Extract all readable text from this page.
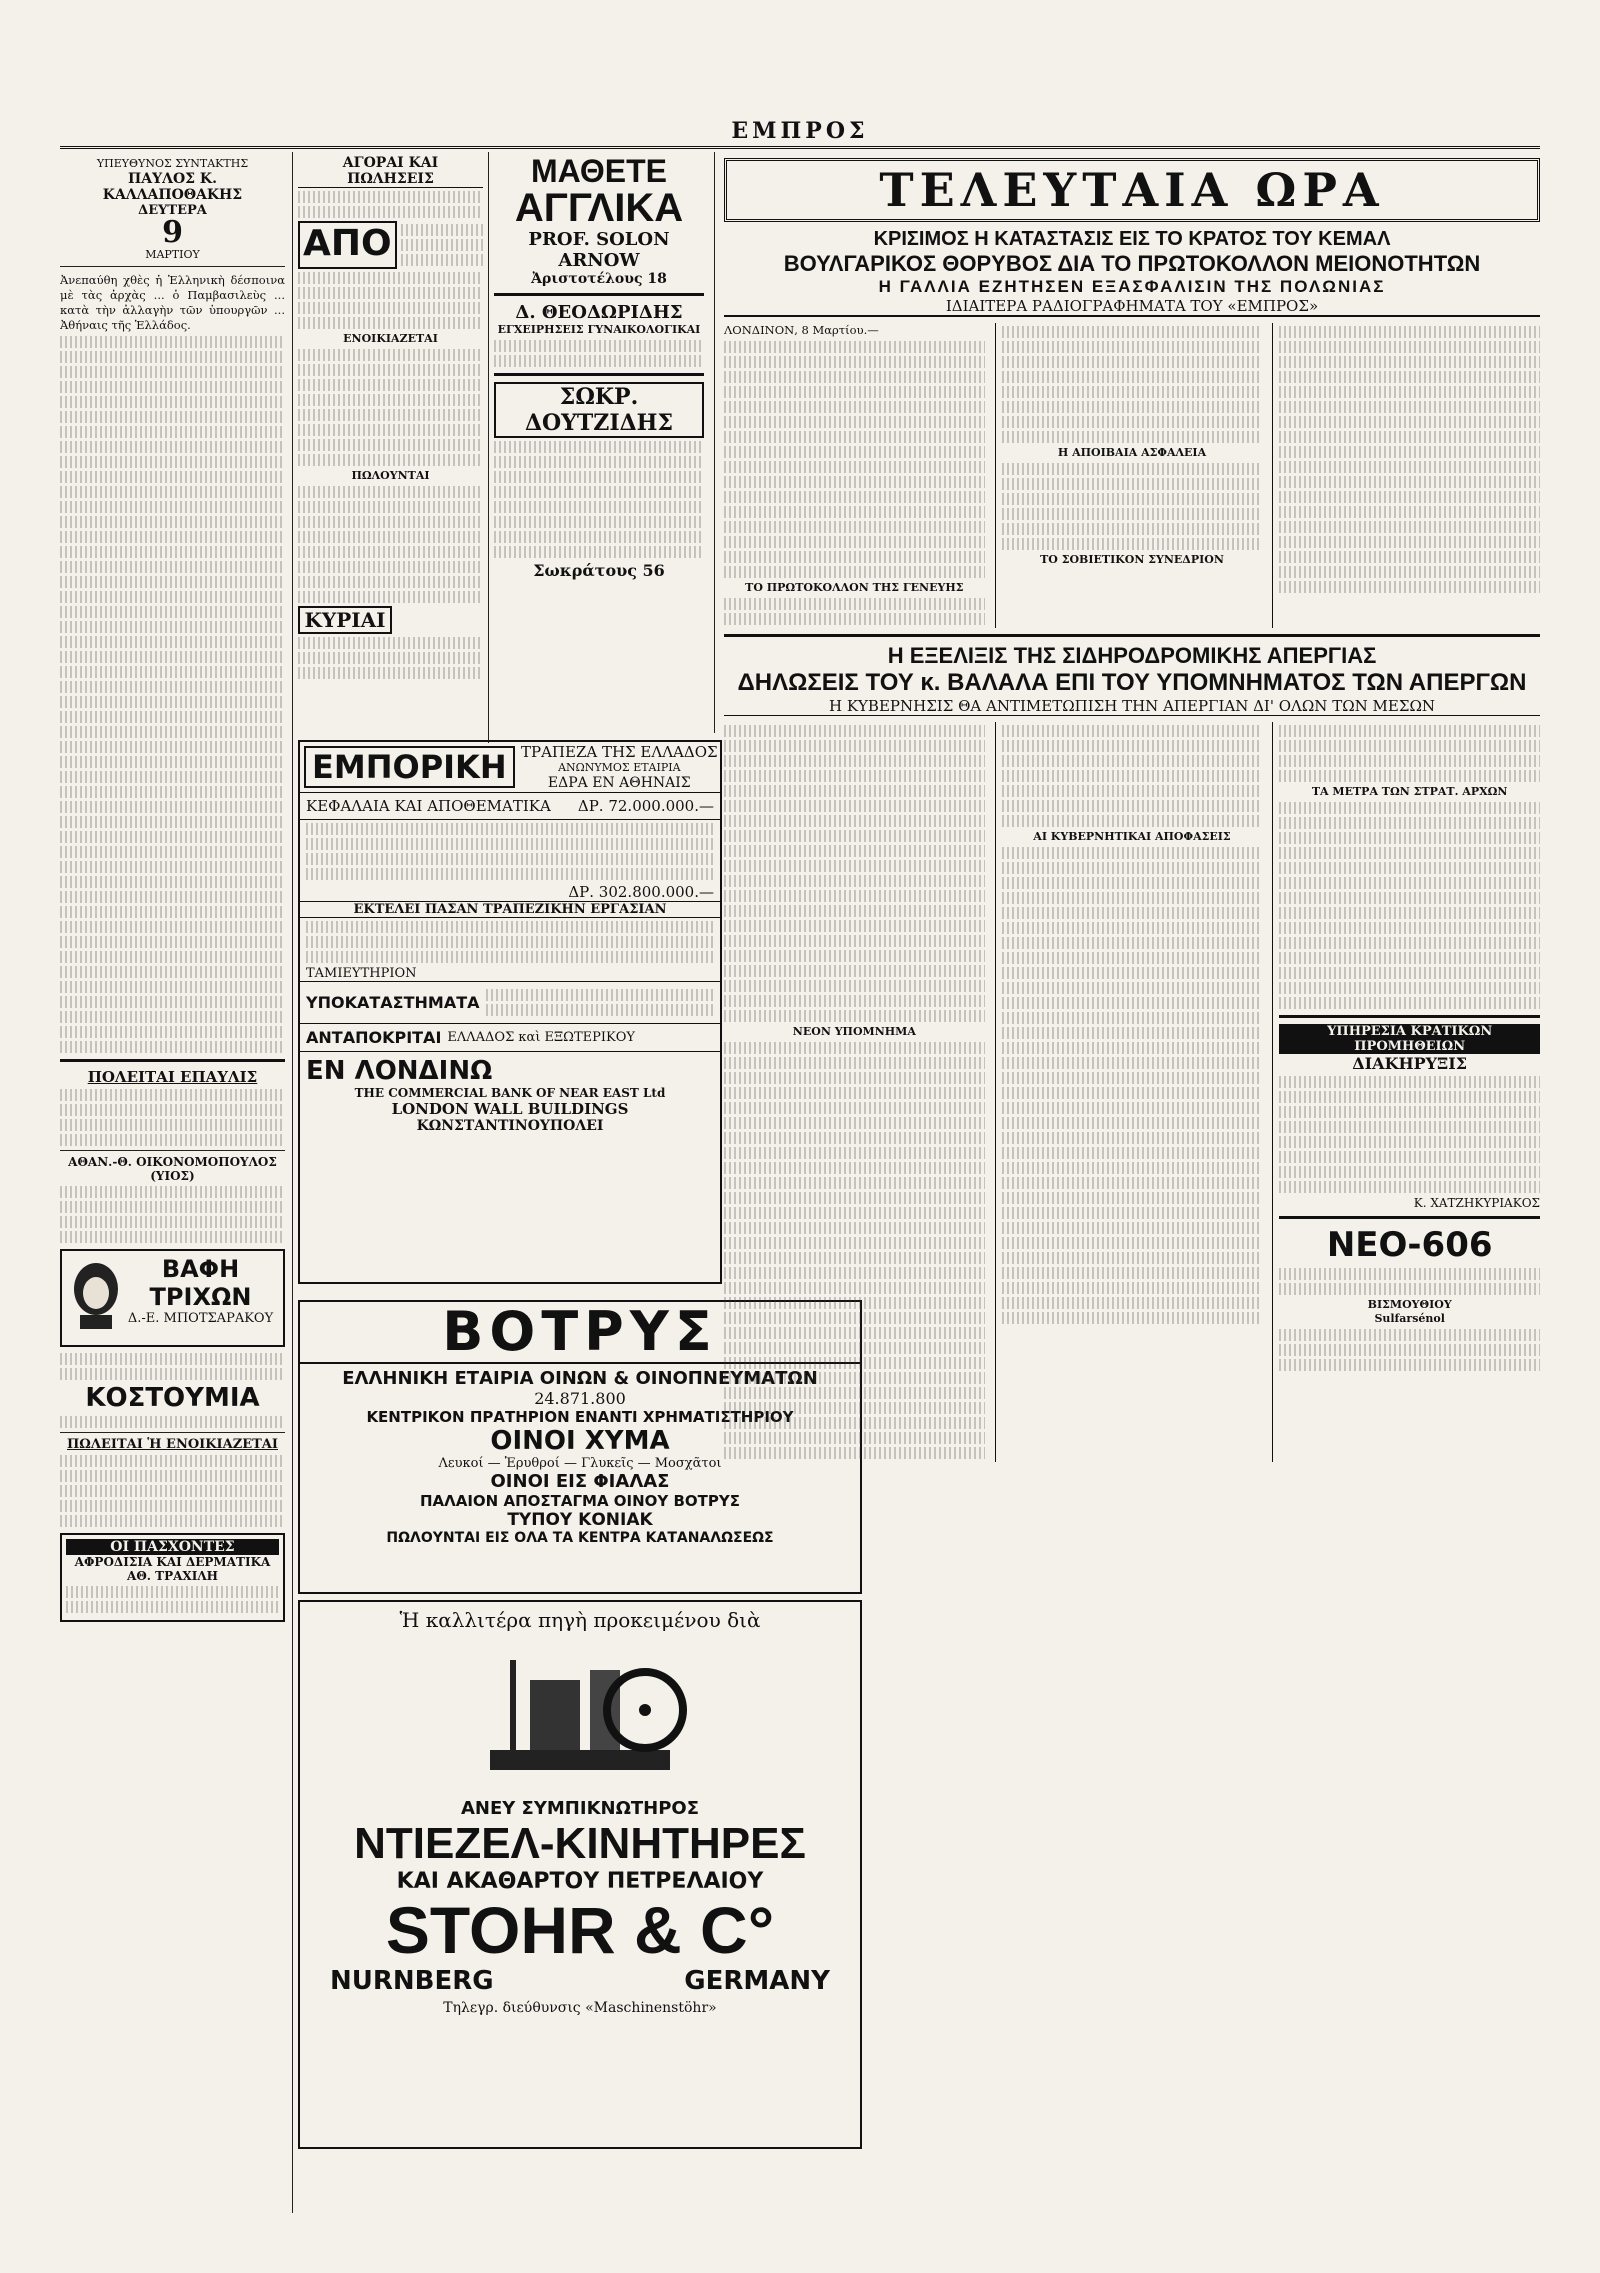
ΕΜΠΡΟΣ
ΥΠΕΥΘΥΝΟΣ ΣΥΝΤΑΚΤΗΣ
ΠΑΥΛΟΣ Κ. ΚΑΛΛΑΠΟΘΑΚΗΣ
ΔΕΥΤΕΡΑ
9
ΜΑΡΤΙΟΥ
Ἀνεπαύθη χθὲς ἡ Ἑλληνικὴ δέσποινα μὲ τὰς ἀρχὰς ... ὁ Παμβασιλεὺς ... κατὰ τὴν ἀλλαγὴν τῶν ὑπουργῶν ... Ἀθήναις τῆς Ἑλλάδος.
ΠΟΛΕΙΤΑΙ ΕΠΑΥΛΙΣ
ΑΘΑΝ.-Θ. ΟΙΚΟΝΟΜΟΠΟΥΛΟΣ (ΥΙΟΣ)
ΒΑΦΗ ΤΡΙΧΩΝ
Δ.-Ε. ΜΠΟΤΣΑΡΑΚΟΥ
ΚΟΣΤΟΥΜΙΑ
ΠΩΛΕΙΤΑΙ Ἡ ΕΝΟΙΚΙΑΖΕΤΑΙ
ΟΙ ΠΑΣΧΟΝΤΕΣ
ΑΦΡΟΔΙΣΙΑ ΚΑΙ ΔΕΡΜΑΤΙΚΑ
ΑΘ. ΤΡΑΧΙΛΗ
ΑΓΟΡΑΙ ΚΑΙ ΠΩΛΗΣΕΙΣ
ΑΠΟ
ΕΝΟΙΚΙΑΖΕΤΑΙ
ΠΩΛΟΥΝΤΑΙ
ΚΥΡΙΑΙ
ΜΑΘΕΤΕ
ΑΓΓΛΙΚΑ
PROF. SOLON ARNOW
Ἀριστοτέλους 18
Δ. ΘΕΟΔΩΡΙΔΗΣ
ΕΓΧΕΙΡΗΣΕΙΣ ΓΥΝΑΙΚΟΛΟΓΙΚΑΙ
ΣΩΚΡ. ΔΟΥΤΖΙΔΗΣ
Σωκράτους 56
ΕΜΠΟΡΙΚΗ ΤΡΑΠΕΖΑ ΤΗΣ ΕΛΛΑΔΟΣ
ΑΝΩΝΥΜΟΣ ΕΤΑΙΡΙΑ
ΕΔΡΑ ΕΝ ΑΘΗΝΑΙΣ
ΚΕΦΑΛΑΙΑ ΚΑΙ ΑΠΟΘΕΜΑΤΙΚΑ ΔΡ. 72.000.000.—
ΔΡ. 302.800.000.—
ΕΚΤΕΛΕΙ ΠΑΣΑΝ ΤΡΑΠΕΖΙΚΗΝ ΕΡΓΑΣΙΑΝ
ΤΑΜΙΕΥΤΗΡΙΟΝ
ΥΠΟΚΑΤΑΣΤΗΜΑΤΑ
ΑΝΤΑΠΟΚΡΙΤΑΙ ΕΛΛΑΔΟΣ καὶ ΕΞΩΤΕΡΙΚΟΥ
ΕΝ ΛΟΝΔΙΝΩ
THE COMMERCIAL BANK OF NEAR EAST Ltd
LONDON WALL BUILDINGS
ΚΩΝΣΤΑΝΤΙΝΟΥΠΟΛΕΙ
ΒΟΤΡΥΣ
ΕΛΛΗΝΙΚΗ ΕΤΑΙΡΙΑ ΟΙΝΩΝ & ΟΙΝΟΠΝΕΥΜΑΤΩΝ
24.871.800
ΚΕΝΤΡΙΚΟΝ ΠΡΑΤΗΡΙΟΝ ΕΝΑΝΤΙ ΧΡΗΜΑΤΙΣΤΗΡΙΟΥ
ΟΙΝΟΙ ΧΥΜΑ
Λευκοί — Ἐρυθροί — Γλυκεῖς — Μοσχᾶτοι
ΟΙΝΟΙ ΕΙΣ ΦΙΑΛΑΣ
ΠΑΛΑΙΟΝ ΑΠΟΣΤΑΓΜΑ ΟΙΝΟΥ ΒΟΤΡΥΣ
ΤΥΠΟΥ ΚΟΝΙΑΚ
ΠΩΛΟΥΝΤΑΙ ΕΙΣ ΟΛΑ ΤΑ ΚΕΝΤΡΑ ΚΑΤΑΝΑΛΩΣΕΩΣ
Ἡ καλλιτέρα πηγὴ προκειμένου διὰ
ΑΝΕΥ ΣΥΜΠΙΚΝΩΤΗΡΟΣ
ΝΤΙΕΖΕΛ-ΚΙΝΗΤΗΡΕΣ
ΚΑΙ ΑΚΑΘΑΡΤΟΥ ΠΕΤΡΕΛΑΙΟΥ
STOHR & C°
NURNBERG	GERMANY
Τηλεγρ. διεύθυνσις «Maschinenstöhr»
ΤΕΛΕΥΤΑΙΑ ΩΡΑ
ΚΡΙΣΙΜΟΣ Η ΚΑΤΑΣΤΑΣΙΣ ΕΙΣ ΤΟ ΚΡΑΤΟΣ ΤΟΥ ΚΕΜΑΛ
ΒΟΥΛΓΑΡΙΚΟΣ ΘΟΡΥΒΟΣ ΔΙΑ ΤΟ ΠΡΩΤΟΚΟΛΛΟΝ ΜΕΙΟΝΟΤΗΤΩΝ
Η ΓΑΛΛΙΑ ΕΖΗΤΗΣΕΝ ΕΞΑΣΦΑΛΙΣΙΝ ΤΗΣ ΠΟΛΩΝΙΑΣ
ΙΔΙΑΙΤΕΡΑ ΡΑΔΙΟΓΡΑΦΗΜΑΤΑ ΤΟΥ «ΕΜΠΡΟΣ»
ΛΟΝΔΙΝΟΝ, 8 Μαρτίου.—
ΤΟ ΠΡΩΤΟΚΟΛΛΟΝ ΤΗΣ ΓΕΝΕΥΗΣ
Η ΑΠΟΙΒΑΙΑ ΑΣΦΑΛΕΙΑ
ΤΟ ΣΟΒΙΕΤΙΚΟΝ ΣΥΝΕΔΡΙΟΝ
Η ΕΞΕΛΙΞΙΣ ΤΗΣ ΣΙΔΗΡΟΔΡΟΜΙΚΗΣ ΑΠΕΡΓΙΑΣ
ΔΗΛΩΣΕΙΣ ΤΟΥ κ. ΒΑΛΑΛΑ ΕΠΙ ΤΟΥ ΥΠΟΜΝΗΜΑΤΟΣ ΤΩΝ ΑΠΕΡΓΩΝ
Η ΚΥΒΕΡΝΗΣΙΣ ΘΑ ΑΝΤΙΜΕΤΩΠΙΣΗ ΤΗΝ ΑΠΕΡΓΙΑΝ ΔΙ' ΟΛΩΝ ΤΩΝ ΜΕΣΩΝ
ΝΕΟΝ ΥΠΟΜΝΗΜΑ
ΑΙ ΚΥΒΕΡΝΗΤΙΚΑΙ ΑΠΟΦΑΣΕΙΣ
ΤΑ ΜΕΤΡΑ ΤΩΝ ΣΤΡΑΤ. ΑΡΧΩΝ
ΥΠΗΡΕΣΙΑ ΚΡΑΤΙΚΩΝ ΠΡΟΜΗΘΕΙΩΝ
ΔΙΑΚΗΡΥΞΙΣ
Κ. ΧΑΤΖΗΚΥΡΙΑΚΟΣ
ΝΕΟ-606
ΒΙΣΜΟΥΘΙΟΥ
Sulfarsénol
